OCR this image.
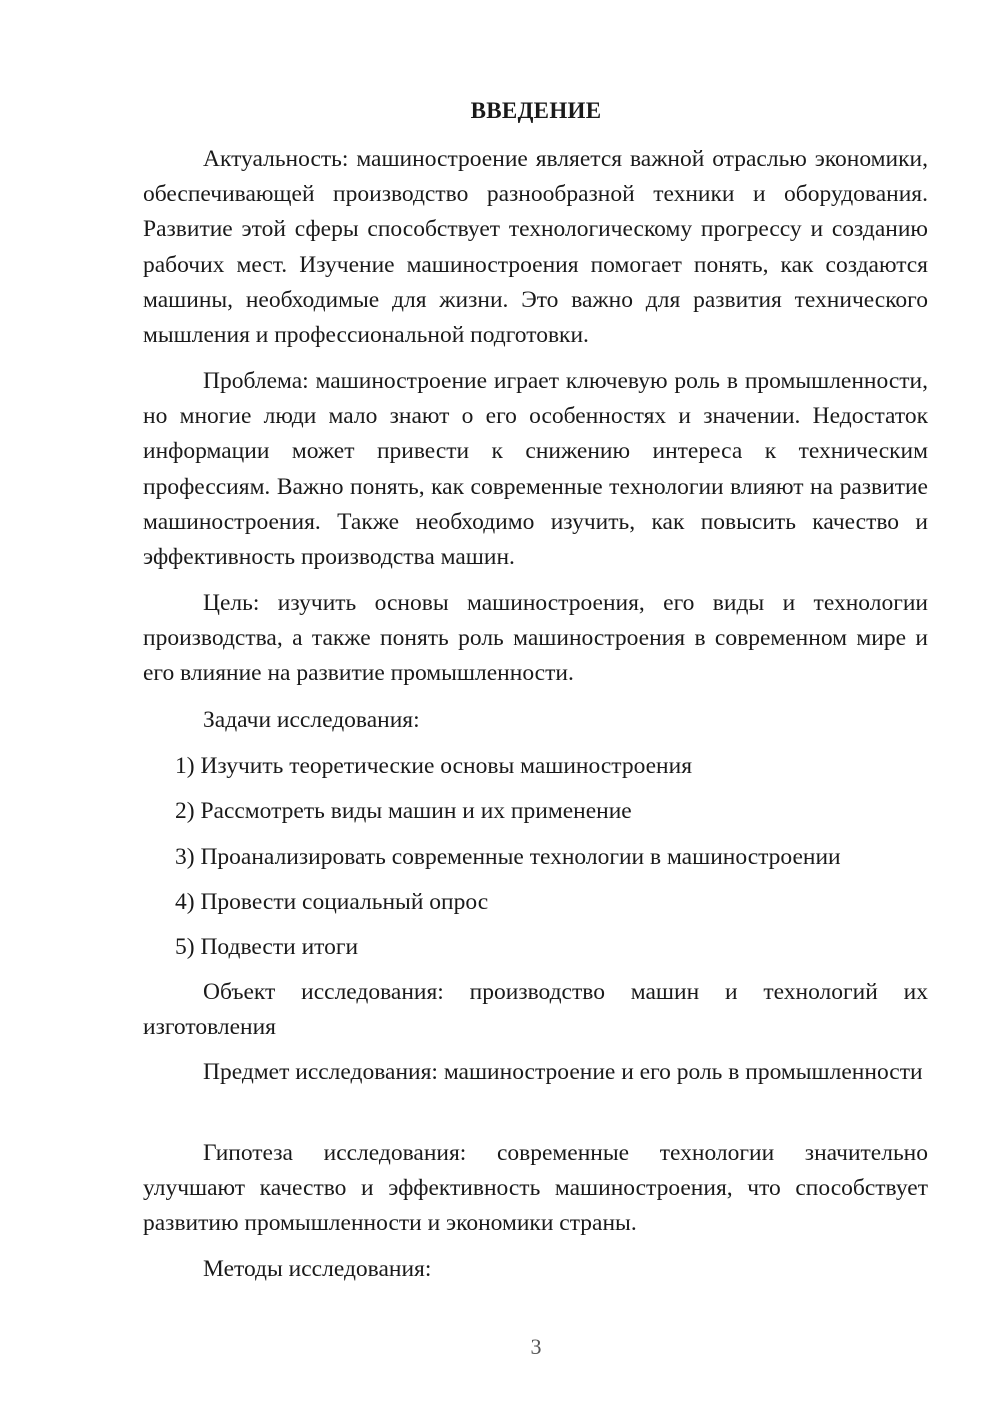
ВВЕДЕНИЕ

Актуальность: машиностроение является важной отраслью экономики, обеспечивающей производство разнообразной техники и оборудования. Развитие этой сферы способствует технологическому прогрессу и созданию рабочих мест. Изучение машиностроения помогает понять, как создаются машины, необходимые для жизни. Это важно для развития технического мышления и профессиональной подготовки.

Проблема: машиностроение играет ключевую роль в промышленности, но многие люди мало знают о его особенностях и значении. Недостаток информации может привести к снижению интереса к техническим профессиям. Важно понять, как современные технологии влияют на развитие машиностроения. Также необходимо изучить, как повысить качество и эффективность производства машин.

Цель: изучить основы машиностроения, его виды и технологии производства, а также понять роль машиностроения в современном мире и его влияние на развитие промышленности.

Задачи исследования:

1) Изучить теоретические основы машиностроения

2) Рассмотреть виды машин и их применение

3) Проанализировать современные технологии в машиностроении

4) Провести социальный опрос

5) Подвести итоги

Объект исследования: производство машин и технологий их изготовления

Предмет исследования: машиностроение и его роль в промышленности

Гипотеза исследования: современные технологии значительно улучшают качество и эффективность машиностроения, что способствует развитию промышленности и экономики страны.

Методы исследования:

3
